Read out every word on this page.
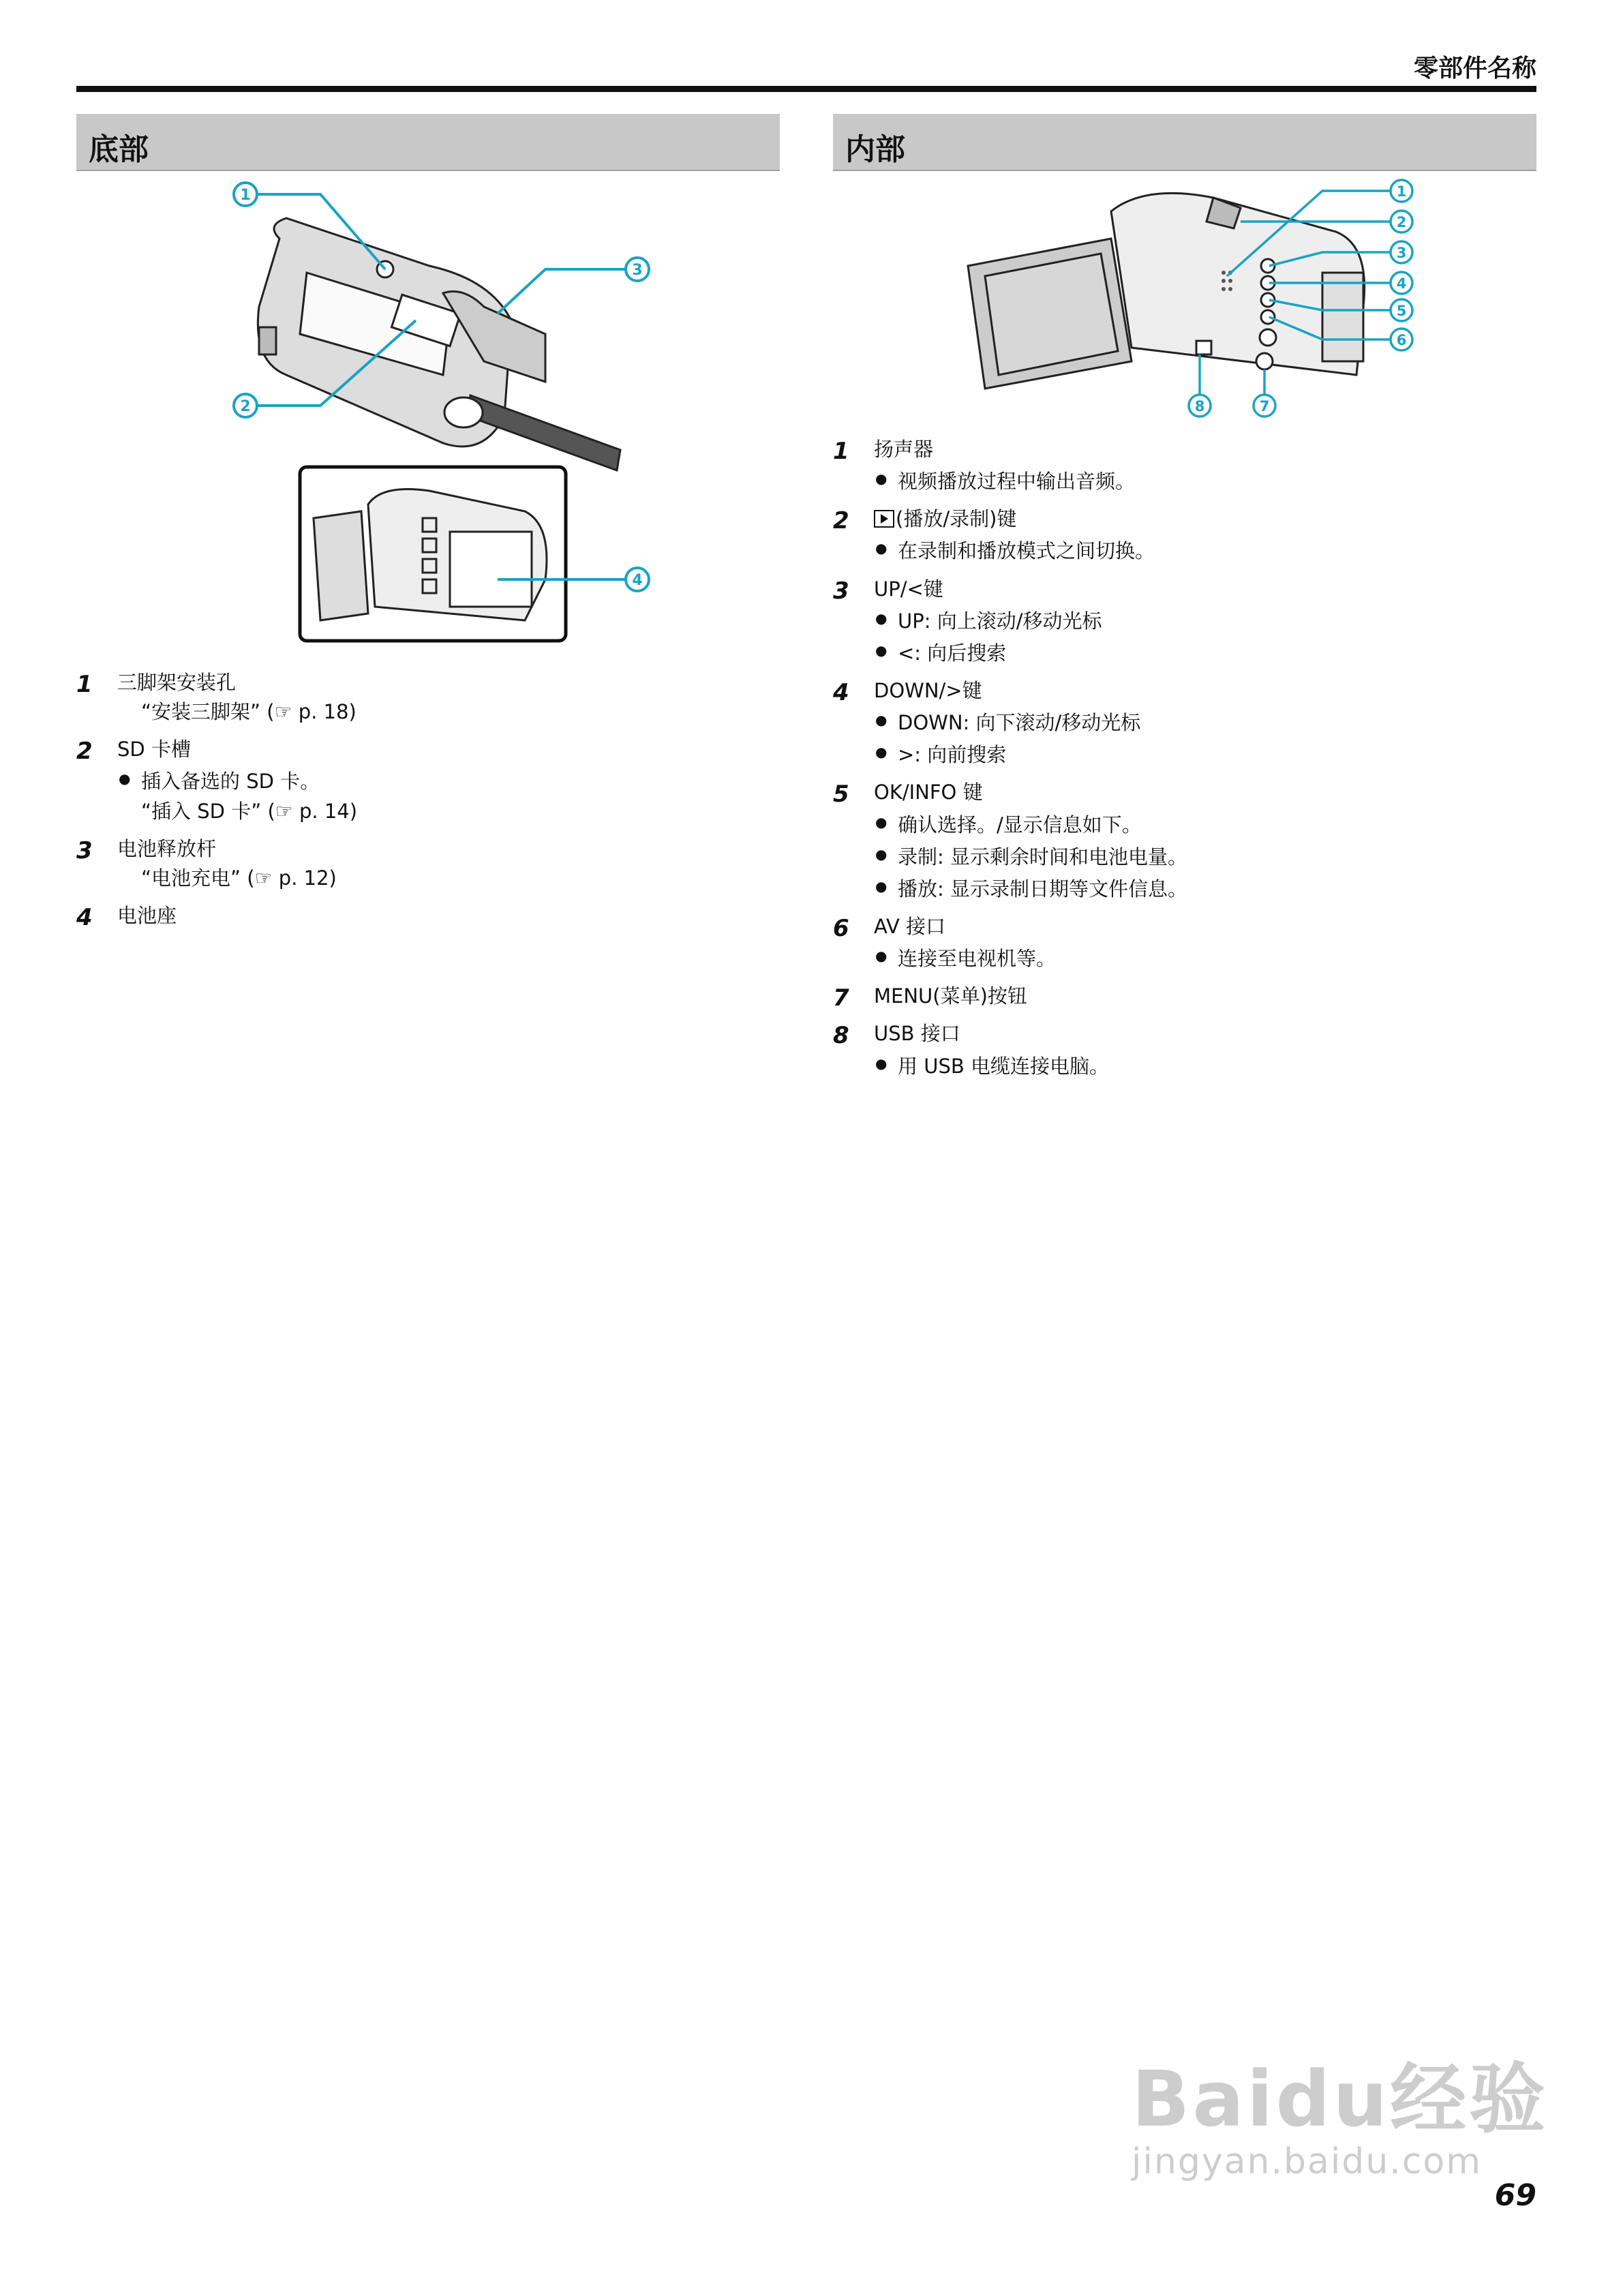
零部件名称
底部	内部
1
2
3
4
1
2
3
4
5
6
7
8
1	三脚架安装孔
“安装三脚架” (☞ p. 18)
2	SD 卡槽
● 插入备选的 SD 卡。
“插入 SD 卡” (☞ p. 14)
3	电池释放杆
“电池充电” (☞ p. 12)
4	电池座
1	扬声器
● 视频播放过程中输出音频。
2	(播放/录制)键
● 在录制和播放模式之间切换。
3	UP/<键
● UP: 向上滚动/移动光标
● <: 向后搜索
4	DOWN/>键
● DOWN: 向下滚动/移动光标
● >: 向前搜索
5	OK/INFO 键
● 确认选择。/显示信息如下。
● 录制: 显示剩余时间和电池电量。
● 播放: 显示录制日期等文件信息。
6	AV 接口
● 连接至电视机等。
7	MENU(菜单)按钮
8	USB 接口
● 用 USB 电缆连接电脑。
Baidu经验
jingyan.baidu.com
69
